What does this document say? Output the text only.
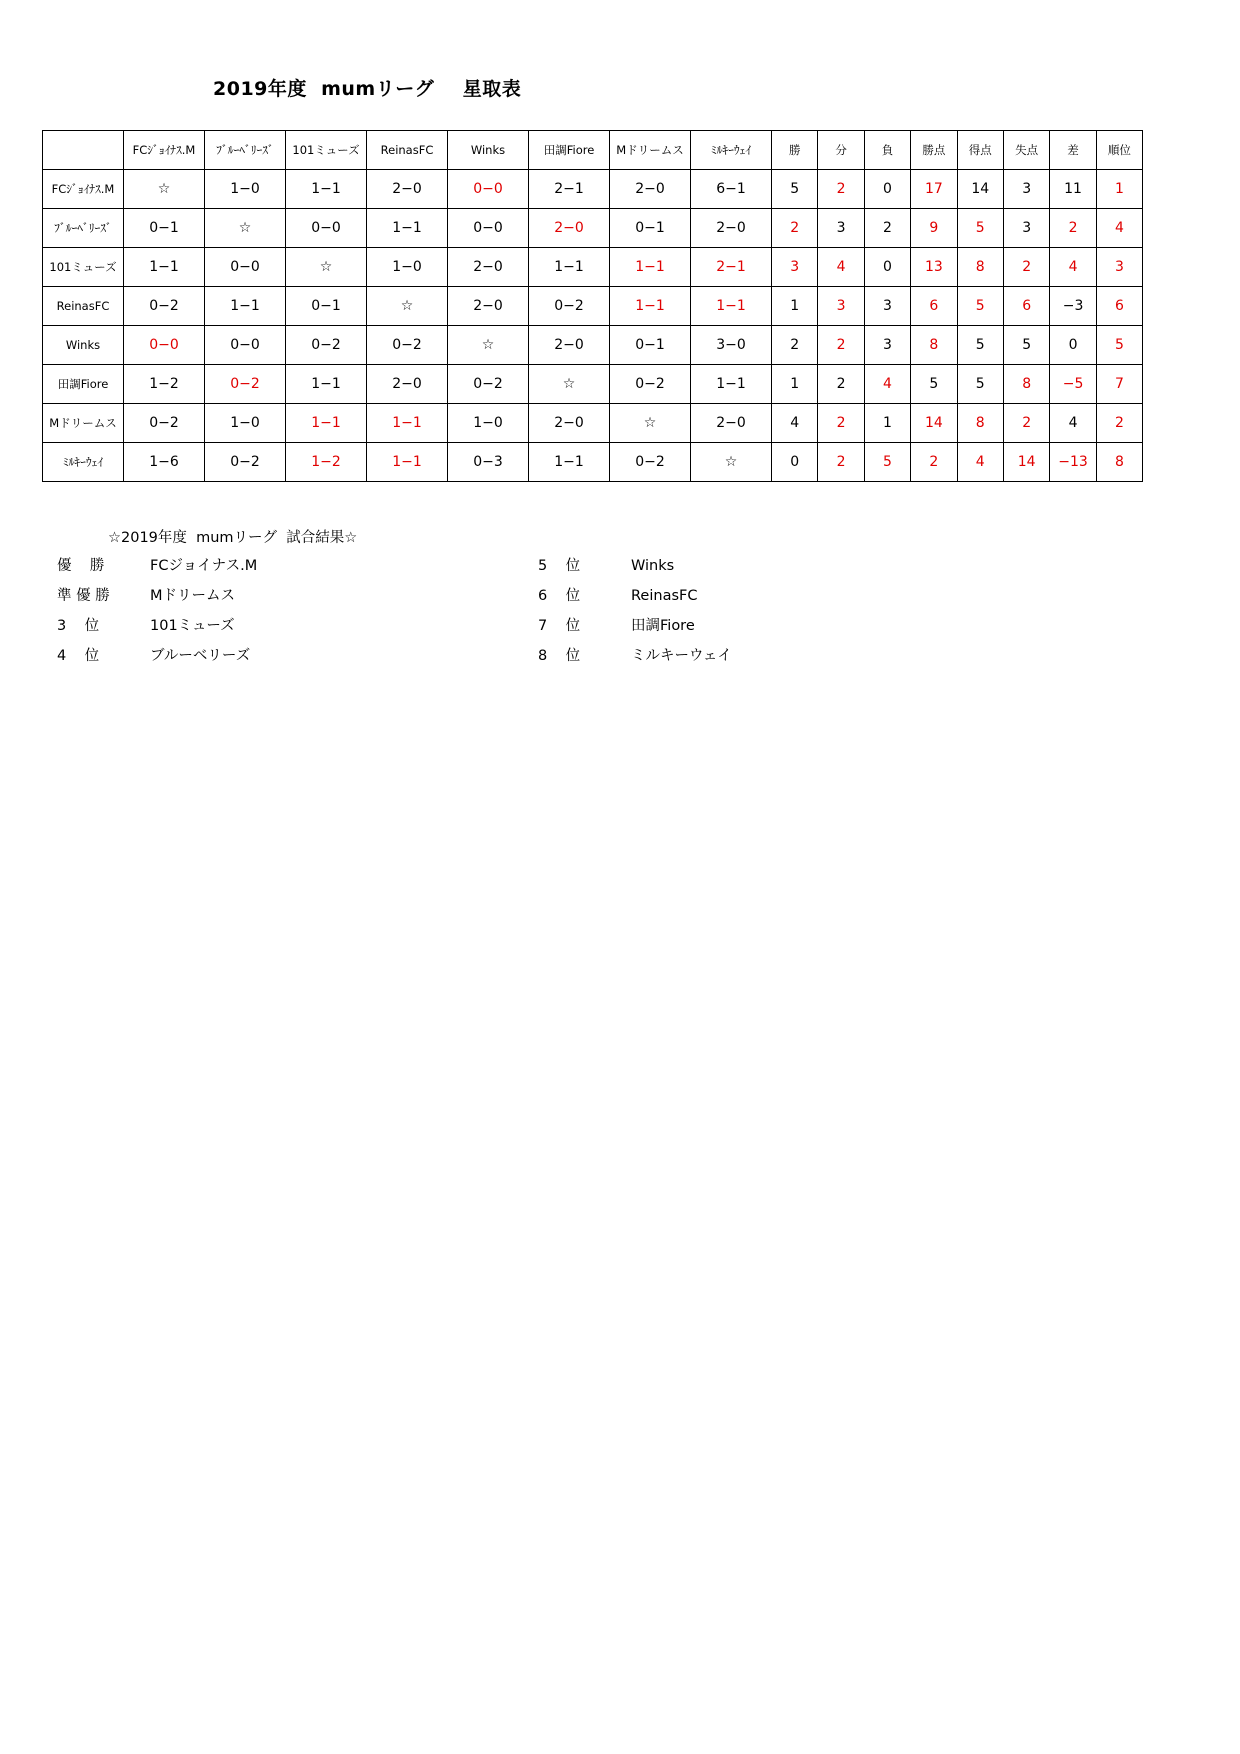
2019年度  mumリーグ    星取表
	FCｼﾞｮｲﾅｽ.M	ﾌﾞﾙｰﾍﾞﾘｰｽﾞ	101ミューズ	ReinasFC	Winks	田調Fiore	Mドリームス	ﾐﾙｷｰｳｪｲ	勝	分	負	勝点	得点	失点	差	順位
FCｼﾞｮｲﾅｽ.M	☆	1−0	1−1	2−0	0−0	2−1	2−0	6−1	5	2	0	17	14	3	11	1
ﾌﾞﾙｰﾍﾞﾘｰｽﾞ	0−1	☆	0−0	1−1	0−0	2−0	0−1	2−0	2	3	2	9	5	3	2	4
101ミューズ	1−1	0−0	☆	1−0	2−0	1−1	1−1	2−1	3	4	0	13	8	2	4	3
ReinasFC	0−2	1−1	0−1	☆	2−0	0−2	1−1	1−1	1	3	3	6	5	6	−3	6
Winks	0−0	0−0	0−2	0−2	☆	2−0	0−1	3−0	2	2	3	8	5	5	0	5
田調Fiore	1−2	0−2	1−1	2−0	0−2	☆	0−2	1−1	1	2	4	5	5	8	−5	7
Mドリームス	0−2	1−0	1−1	1−1	1−0	2−0	☆	2−0	4	2	1	14	8	2	4	2
ﾐﾙｷｰｳｪｲ	1−6	0−2	1−2	1−1	0−3	1−1	0−2	☆	0	2	5	2	4	14	−13	8
☆2019年度  mumリーグ  試合結果☆
優    勝	FCジョイナス.M
準 優 勝	Mドリームス
3    位	101ミューズ
4    位	ブルーベリーズ
5    位	Winks
6    位	ReinasFC
7    位	田調Fiore
8    位	ミルキーウェイ
